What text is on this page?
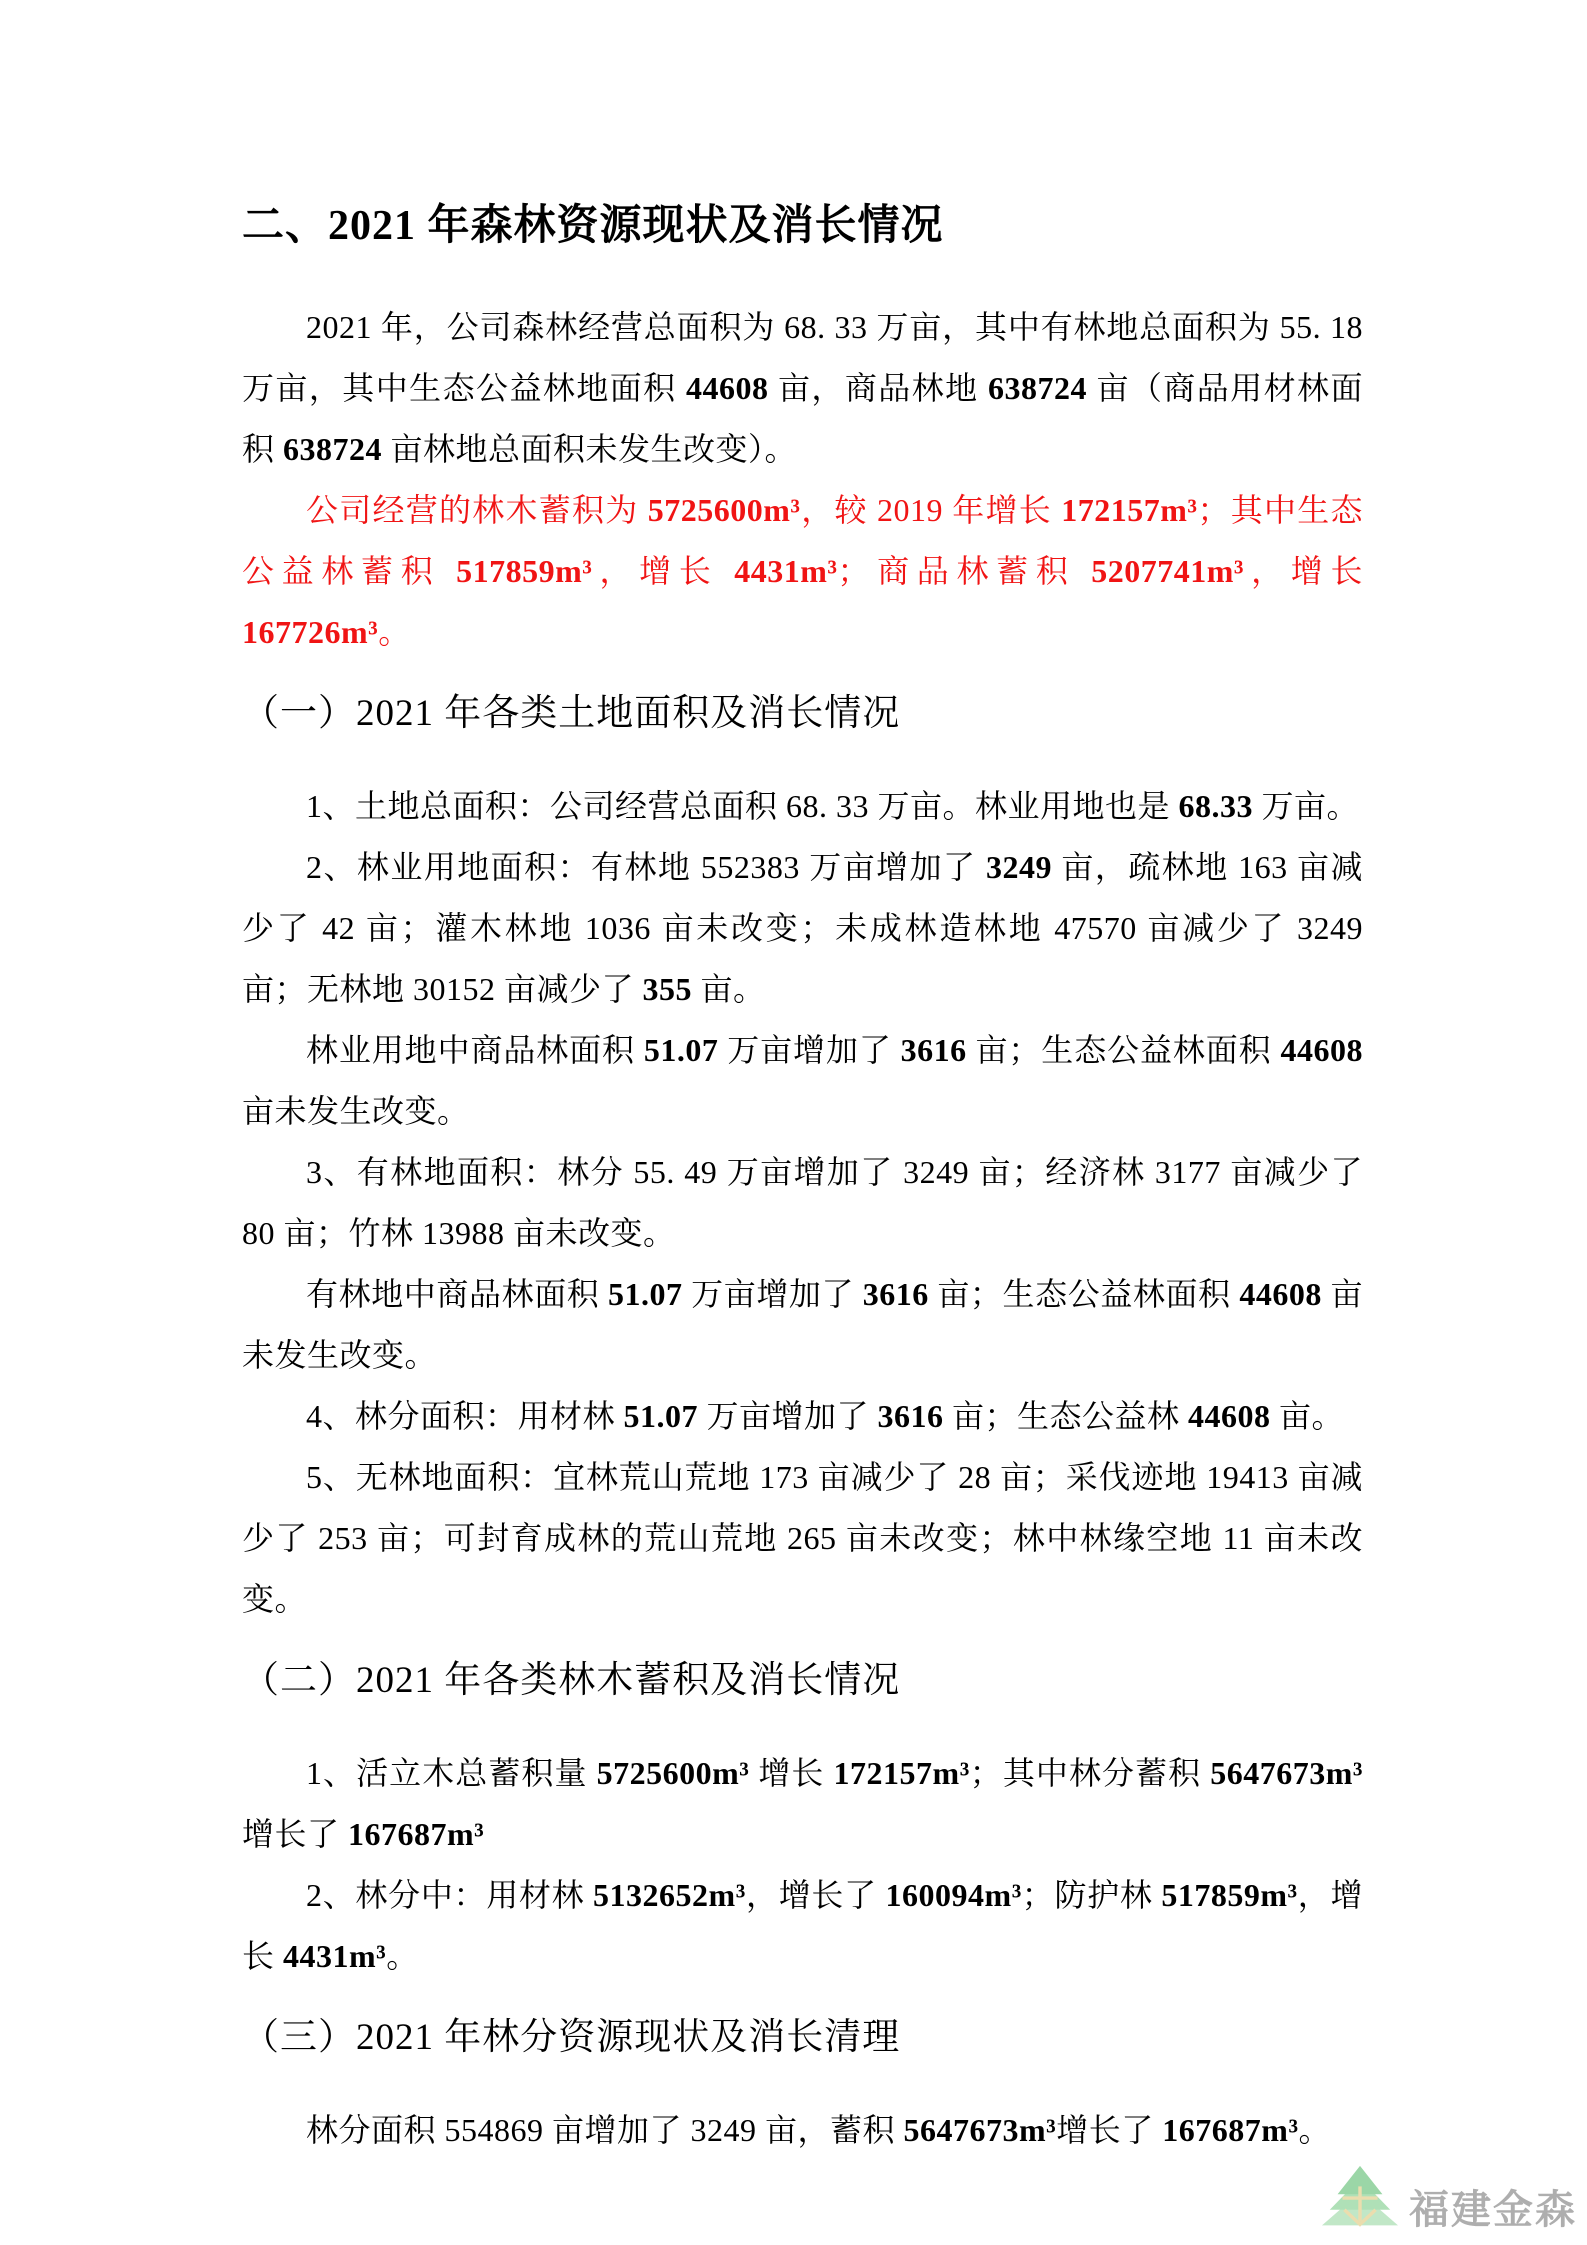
二、2021 年森林资源现状及消长情况

2021 年，公司森林经营总面积为 68. 33 万亩，其中有林地总面积为 55. 18 万亩，其中生态公益林地面积 44608 亩，商品林地 638724 亩（商品用材林面积 638724 亩林地总面积未发生改变）。

公司经营的林木蓄积为 5725600m³，较 2019 年增长 172157m³；其中生态公益林蓄积 517859m³，增长 4431m³；商品林蓄积 5207741m³，增长 167726m³。

（一）2021 年各类土地面积及消长情况

1、土地总面积：公司经营总面积 68. 33 万亩。林业用地也是 68.33 万亩。

2、林业用地面积：有林地 552383 万亩增加了 3249 亩，疏林地 163 亩减少了 42 亩；灌木林地 1036 亩未改变；未成林造林地 47570 亩减少了 3249 亩；无林地 30152 亩减少了 355 亩。

林业用地中商品林面积 51.07 万亩增加了 3616 亩；生态公益林面积 44608 亩未发生改变。

3、有林地面积：林分 55. 49 万亩增加了 3249 亩；经济林 3177 亩减少了 80 亩；竹林 13988 亩未改变。

有林地中商品林面积 51.07 万亩增加了 3616 亩；生态公益林面积 44608 亩未发生改变。

4、林分面积：用材林 51.07 万亩增加了 3616 亩；生态公益林 44608 亩。

5、无林地面积：宜林荒山荒地 173 亩减少了 28 亩；采伐迹地 19413 亩减少了 253 亩；可封育成林的荒山荒地 265 亩未改变；林中林缘空地 11 亩未改变。

（二）2021 年各类林木蓄积及消长情况

1、活立木总蓄积量 5725600m³ 增长 172157m³；其中林分蓄积 5647673m³ 增长了 167687m³

2、林分中：用材林 5132652m³，增长了 160094m³；防护林 517859m³，增长 4431m³。

（三）2021 年林分资源现状及消长清理

林分面积 554869 亩增加了 3249 亩，蓄积 5647673m³增长了 167687m³。

福建金森
